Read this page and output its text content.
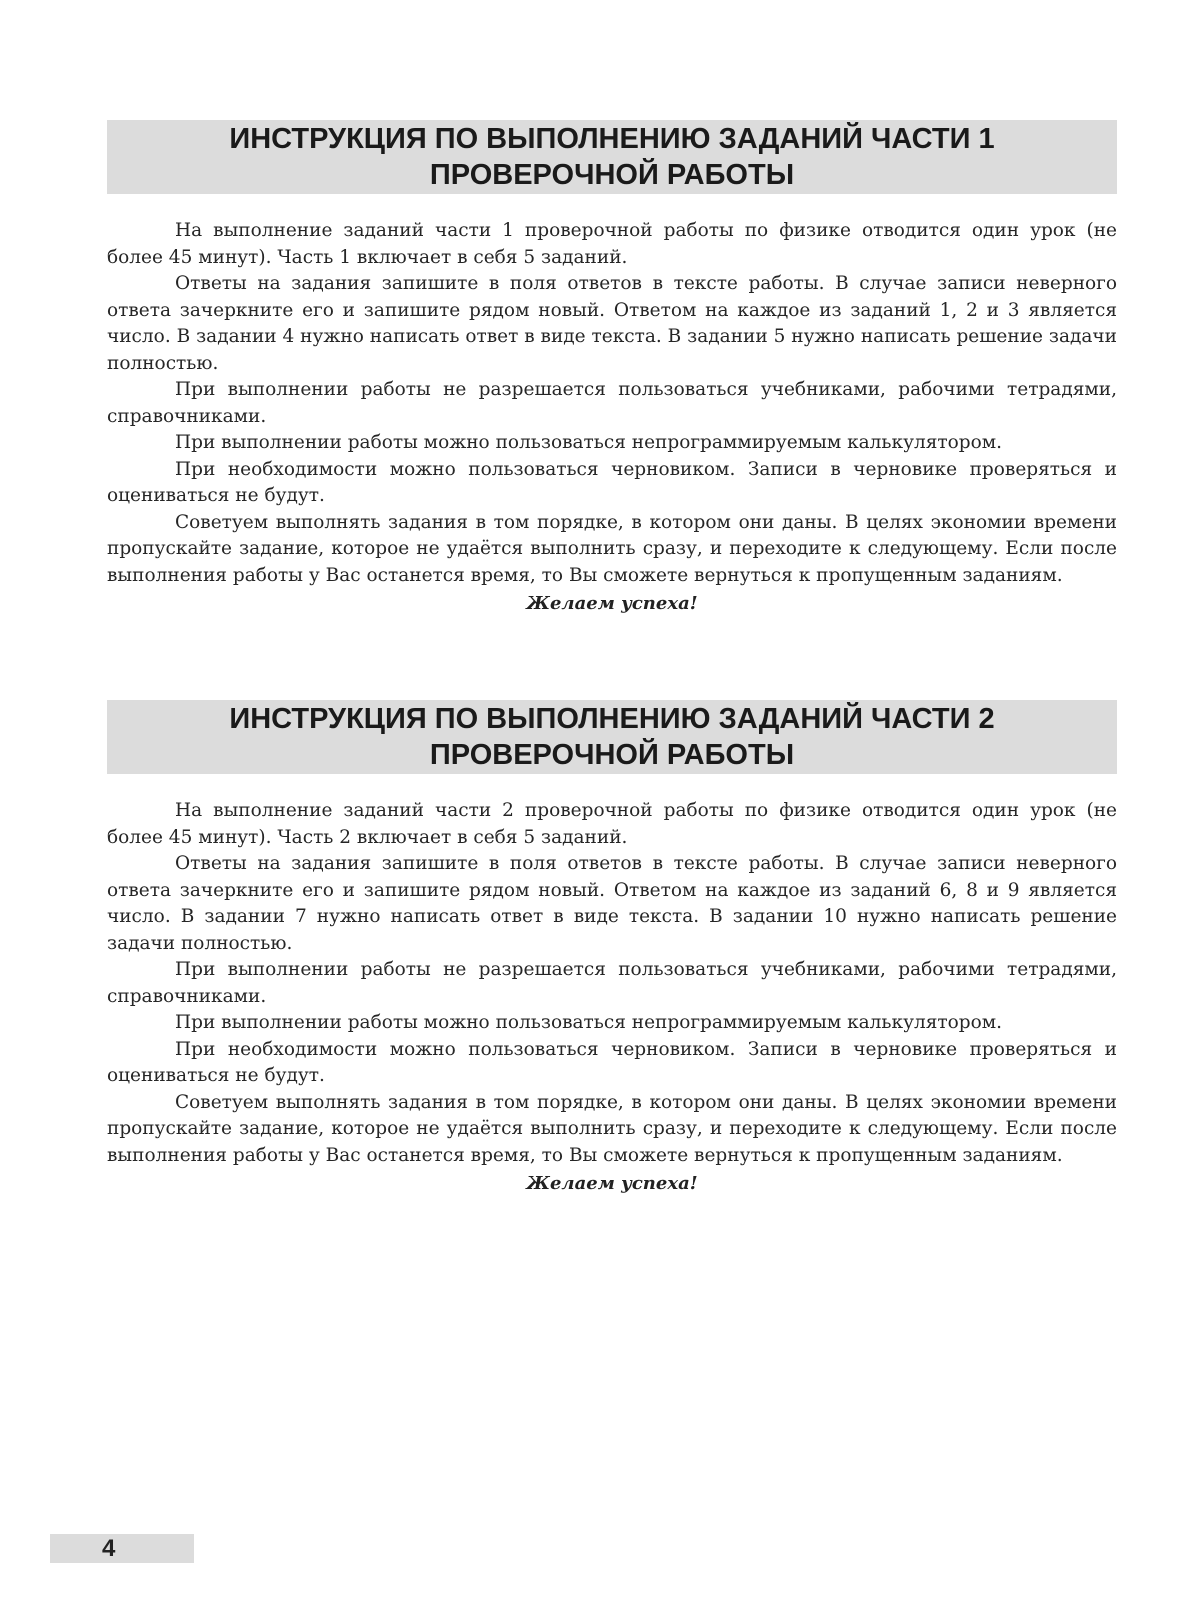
ИНСТРУКЦИЯ ПО ВЫПОЛНЕНИЮ ЗАДАНИЙ ЧАСТИ 1
ПРОВЕРОЧНОЙ РАБОТЫ

На выполнение заданий части 1 проверочной работы по физике отводится один урок (не более 45 минут). Часть 1 включает в себя 5 заданий.

Ответы на задания запишите в поля ответов в тексте работы. В случае записи неверного ответа зачеркните его и запишите рядом новый. Ответом на каждое из заданий 1, 2 и 3 является число. В задании 4 нужно написать ответ в виде текста. В задании 5 нужно написать решение задачи полностью.

При выполнении работы не разрешается пользоваться учебниками, рабочими тетрадями, справочниками.

При выполнении работы можно пользоваться непрограммируемым калькулятором.

При необходимости можно пользоваться черновиком. Записи в черновике проверяться и оцениваться не будут.

Советуем выполнять задания в том порядке, в котором они даны. В целях экономии времени пропускайте задание, которое не удаётся выполнить сразу, и переходите к следующему. Если после выполнения работы у Вас останется время, то Вы сможете вернуться к пропущенным заданиям.

Желаем успеха!
ИНСТРУКЦИЯ ПО ВЫПОЛНЕНИЮ ЗАДАНИЙ ЧАСТИ 2
ПРОВЕРОЧНОЙ РАБОТЫ

На выполнение заданий части 2 проверочной работы по физике отводится один урок (не более 45 минут). Часть 2 включает в себя 5 заданий.

Ответы на задания запишите в поля ответов в тексте работы. В случае записи неверного ответа зачеркните его и запишите рядом новый. Ответом на каждое из заданий 6, 8 и 9 является число. В задании 7 нужно написать ответ в виде текста. В задании 10 нужно написать решение задачи полностью.

При выполнении работы не разрешается пользоваться учебниками, рабочими тетрадями, справочниками.

При выполнении работы можно пользоваться непрограммируемым калькулятором.

При необходимости можно пользоваться черновиком. Записи в черновике проверяться и оцениваться не будут.

Советуем выполнять задания в том порядке, в котором они даны. В целях экономии времени пропускайте задание, которое не удаётся выполнить сразу, и переходите к следующему. Если после выполнения работы у Вас останется время, то Вы сможете вернуться к пропущенным заданиям.

Желаем успеха!
4
